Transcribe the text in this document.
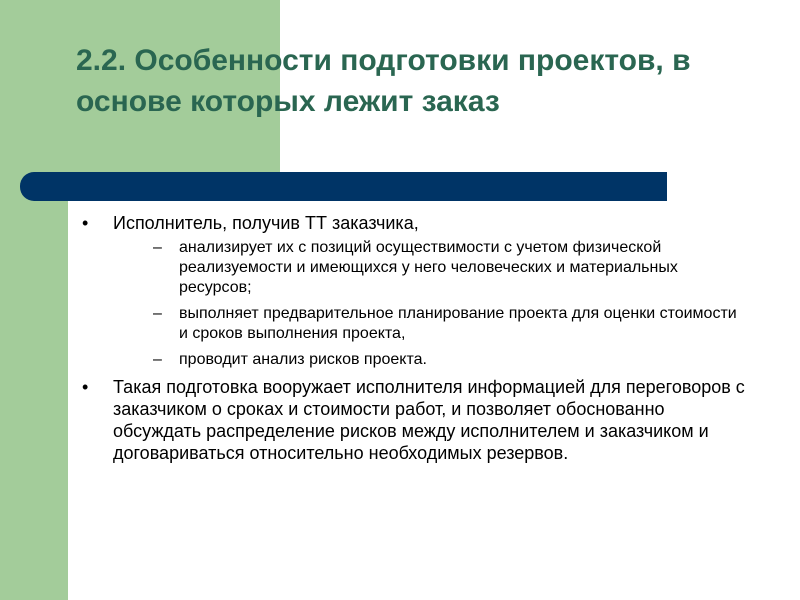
2.2. Особенности подготовки проектов, в основе которых лежит заказ
• Исполнитель, получив ТТ заказчика,
– анализирует их с позиций осуществимости с учетом физической реализуемости и имеющихся у него человеческих и материальных ресурсов;
– выполняет предварительное планирование проекта для оценки стоимости и сроков выполнения проекта,
– проводит анализ рисков проекта.
• Такая подготовка вооружает исполнителя информацией для переговоров с заказчиком о сроках и стоимости работ, и позволяет обоснованно обсуждать распределение рисков между исполнителем и заказчиком и договариваться относительно необходимых резервов.
